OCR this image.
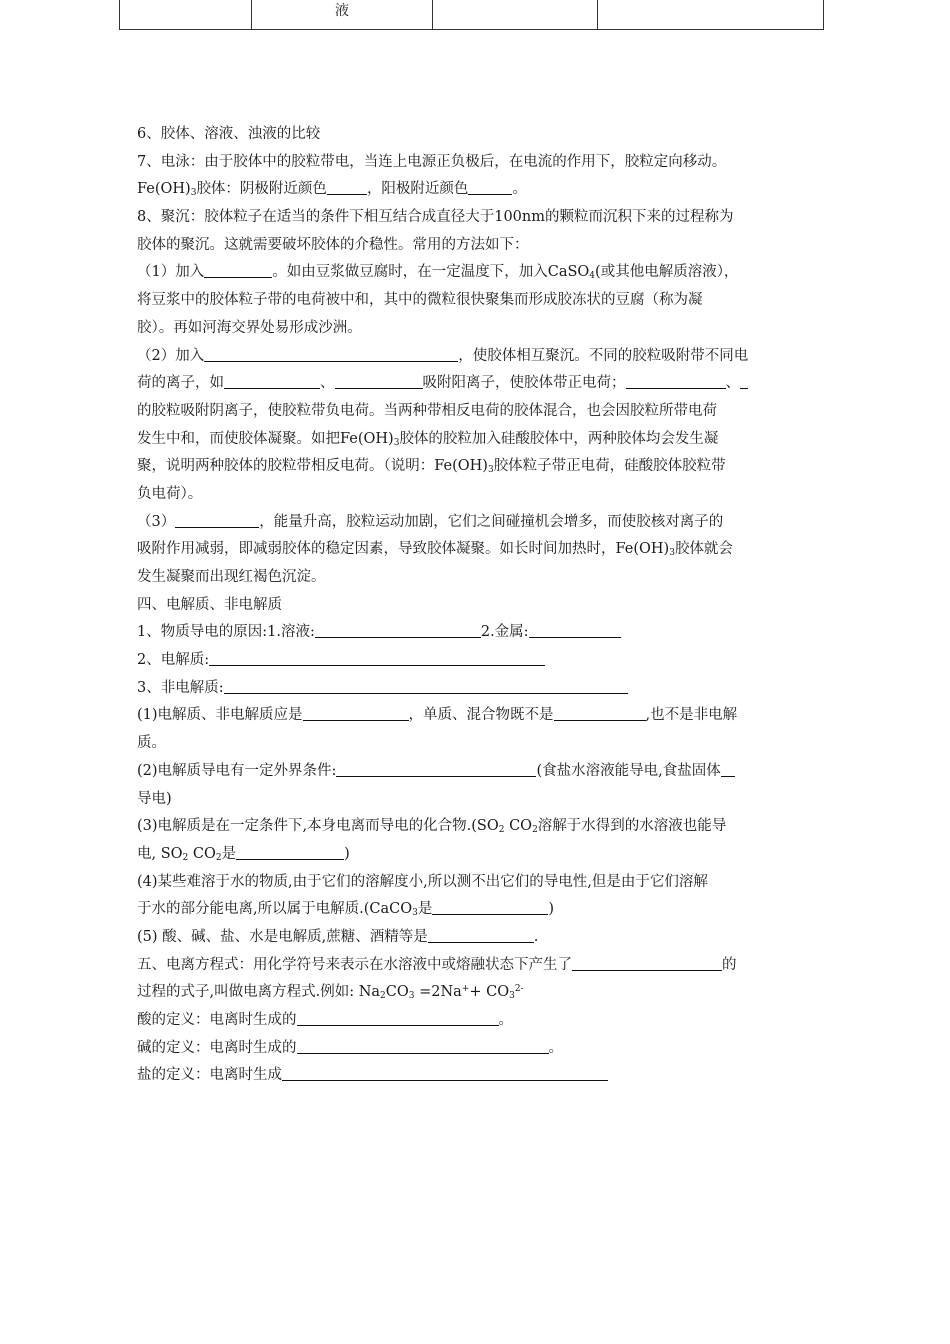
	液		
6、胶体、溶液、浊液的比较
7、电泳：由于胶体中的胶粒带电，当连上电源正负极后，在电流的作用下，胶粒定向移动。
$Fe(OH)_3$胶体：阴极附近颜色	，阳极附近颜色	。
8、聚沉：胶体粒子在适当的条件下相互结合成直径大于100nm的颗粒而沉积下来的过程称为
胶体的聚沉。这就需要破坏胶体的介稳性。常用的方法如下：
（1）加入	。如由豆浆做豆腐时，在一定温度下，加入CaSO$_4$(或其他电解质溶液），
将豆浆中的胶体粒子带的电荷被中和，其中的微粒很快聚集而形成胶冻状的豆腐（称为凝
胶）。再如河海交界处易形成沙洲。
（2）加入	，使胶体相互聚沉。不同的胶粒吸附带不同电
荷的离子，如	、	吸附阳离子，使胶体带正电荷；	、
的胶粒吸附阴离子，使胶粒带负电荷。当两种带相反电荷的胶体混合，也会因胶粒所带电荷
发生中和，而使胶体凝聚。如把$Fe(OH)_3$胶体的胶粒加入硅酸胶体中，两种胶体均会发生凝
聚，说明两种胶体的胶粒带相反电荷。（说明：$Fe(OH)_3$胶体粒子带正电荷，硅酸胶体胶粒带
负电荷）。
（3）	，能量升高，胶粒运动加剧，它们之间碰撞机会增多，而使胶核对离子的
吸附作用减弱，即减弱胶体的稳定因素，导致胶体凝聚。如长时间加热时，$Fe(OH)_3$胶体就会
发生凝聚而出现红褐色沉淀。
四、电解质、非电解质
1、物质导电的原因:1.溶液:	2.金属:
2、电解质:
3、非电解质:
(1)电解质、非电解质应是	，单质、混合物既不是	,也不是非电解
质。
(2)电解质导电有一定外界条件:	(食盐水溶液能导电,食盐固体
导电)
(3)电解质是在一定条件下,本身电离而导电的化合物$.(SO_2$ $CO_2$溶解于水得到的水溶液也能导
电, $SO_2$ $CO_2$是	)
(4)某些难溶于水的物质,由于它们的溶解度小,所以测不出它们的导电性,但是由于它们溶解
于水的部分能电离,所以属于电解质.(CaCO$_3$是	)
(5) 酸、碱、盐、水是电解质,蔗糖、酒精等是	.
五、电离方程式：用化学符号来表示在水溶液中或熔融状态下产生了	的
过程的式子,叫做电离方程式.例如: $Na_2CO_3 =2Na^++ CO_3^{2-}$
酸的定义：电离时生成的	。
碱的定义：电离时生成的	。
盐的定义：电离时生成
